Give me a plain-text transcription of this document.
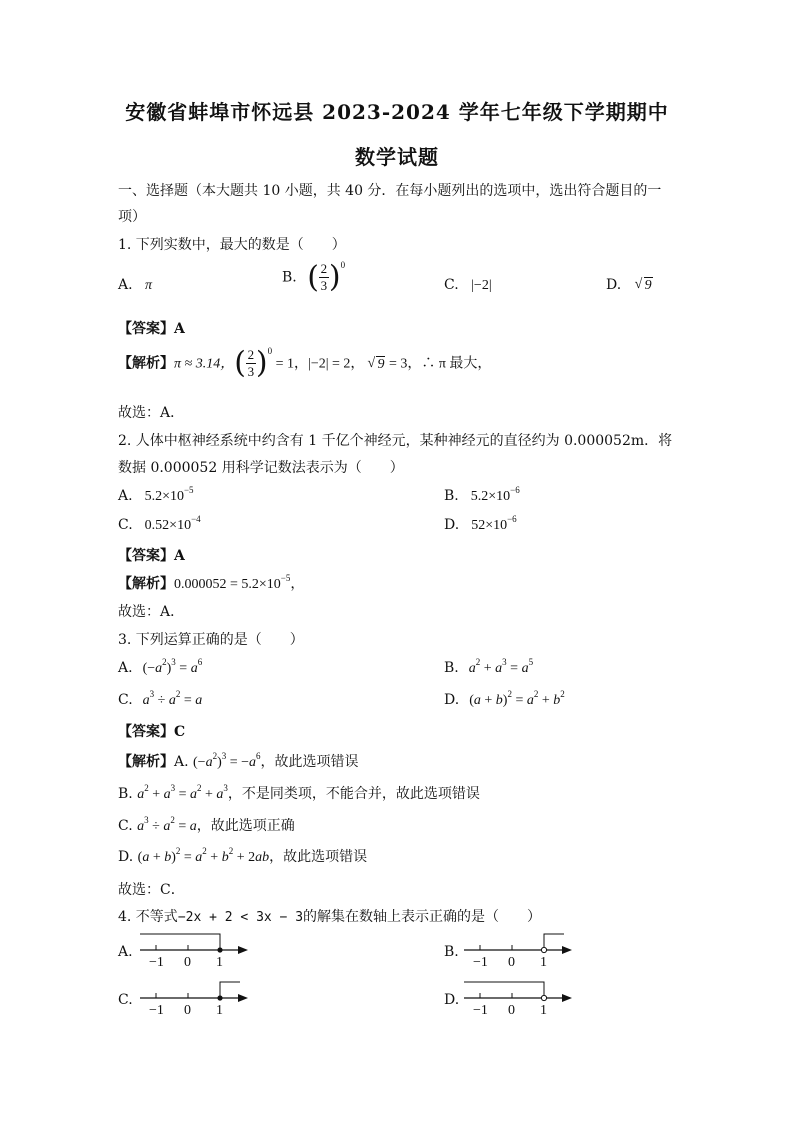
安徽省蚌埠市怀远县 2023-2024 学年七年级下学期期中
数学试题
一、选择题（本大题共 10 小题，共 40 分．在每小题列出的选项中，选出符合题目的一
项）
1. 下列实数中，最大的数是（　　）
A. π	B. ( $\frac{2}{3} )^0$
C. |−2|	D. √ 9
【答案】A
【解析】π ≈ 3.14，( $\frac{2}{3} )^0 = 1$，|−2| = 2， √ 9 = 3，∴ π 最大，
故选：A．
2. 人体中枢神经系统中约含有 1 千亿个神经元，某种神经元的直径约为 0.000052m．将
数据 0.000052 用科学记数法表示为（　　）
A. $5.2\times 10^{-5}$	B. $5.2\times 10^{-6}$
C. $0.52\times 10^{-4}$	D. $52\times 10^{-6}$
【答案】A
【解析】$0.000052 = 5.2\times 10^{-5}$，
故选：A．
3. 下列运算正确的是（　　）
A. $(-a^2)^3 = a^6$	B. $a^2 + a^3 = a^5$
C. $a^3 \div a^2 = a$	D. $(a + b)^2 = a^2 + b^2$
【答案】C
【解析】A. $(-a^2)^3 = -a^6$，故此选项错误
B. $a^2 + a^3 = a^2 + a^3$，不是同类项，不能合并，故此选项错误
C. $a^3 \div a^2 = a$，故此选项正确
D. $(a + b)^2 = a^2 + b^2 + 2ab$，故此选项错误
故选：C．
4. 不等式−2x + 2 < 3x − 3的解集在数轴上表示正确的是（　　）
A.	B.
C.	D.
−1 0 1	−1 0 1
−1 0 1	−1 0 1
